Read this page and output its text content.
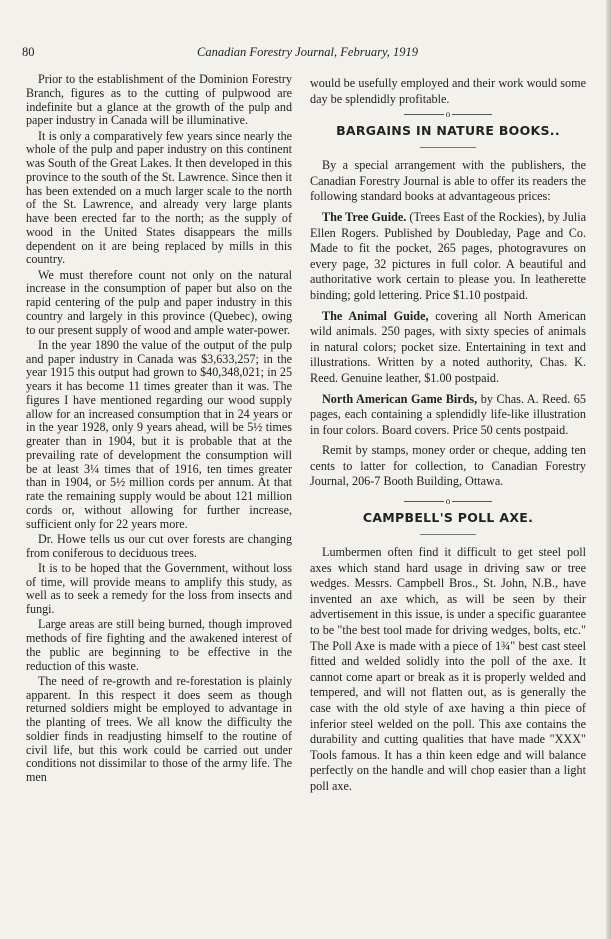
80	Canadian Forestry Journal, February, 1919

Prior to the establishment of the Dominion Forestry Branch, figures as to the cutting of pulpwood are indefinite but a glance at the growth of the pulp and paper industry in Canada will be illuminative.

It is only a comparatively few years since nearly the whole of the pulp and paper industry on this continent was South of the Great Lakes. It then developed in this province to the south of the St. Lawrence. Since then it has been extended on a much larger scale to the north of the St. Lawrence, and already very large plants have been erected far to the north; as the supply of wood in the United States disappears the mills dependent on it are being replaced by mills in this country.

We must therefore count not only on the natural increase in the consumption of paper but also on the rapid centering of the pulp and paper industry in this country and largely in this province (Quebec), owing to our present supply of wood and ample water-power.

In the year 1890 the value of the output of the pulp and paper industry in Canada was $3,633,257; in the year 1915 this output had grown to $40,348,021; in 25 years it has become 11 times greater than it was. The figures I have mentioned regarding our wood supply allow for an increased consumption that in 24 years or in the year 1928, only 9 years ahead, will be 5½ times greater than in 1904, but it is probable that at the prevailing rate of development the consumption will be at least 3¼ times that of 1916, ten times greater than in 1904, or 5½ million cords per annum. At that rate the remaining supply would be about 121 million cords or, without allowing for further increase, sufficient only for 22 years more.

Dr. Howe tells us our cut over forests are changing from coniferous to deciduous trees.

It is to be hoped that the Government, without loss of time, will provide means to amplify this study, as well as to seek a remedy for the loss from insects and fungi.

Large areas are still being burned, though improved methods of fire fighting and the awakened interest of the public are beginning to be effective in the reduction of this waste.

The need of re-growth and re-forestation is plainly apparent. In this respect it does seem as though returned soldiers might be employed to advantage in the planting of trees. We all know the difficulty the soldier finds in readjusting himself to the routine of civil life, but this work could be carried out under conditions not dissimilar to those of the army life. The men

would be usefully employed and their work would some day be splendidly profitable.

o
BARGAINS IN NATURE BOOKS..

By a special arrangement with the publishers, the Canadian Forestry Journal is able to offer its readers the following standard books at advantageous prices:

The Tree Guide. (Trees East of the Rockies), by Julia Ellen Rogers. Published by Doubleday, Page and Co. Made to fit the pocket, 265 pages, photogravures on every page, 32 pictures in full color. A beautiful and authoritative work certain to please you. In leatherette binding; gold lettering. Price $1.10 postpaid.

The Animal Guide, covering all North American wild animals. 250 pages, with sixty species of animals in natural colors; pocket size. Entertaining in text and illustrations. Written by a noted authority, Chas. K. Reed. Genuine leather, $1.00 postpaid.

North American Game Birds, by Chas. A. Reed. 65 pages, each containing a splendidly life-like illustration in four colors. Board covers. Price 50 cents postpaid.

Remit by stamps, money order or cheque, adding ten cents to latter for collection, to Canadian Forestry Journal, 206-7 Booth Building, Ottawa.

o
CAMPBELL'S POLL AXE.

Lumbermen often find it difficult to get steel poll axes which stand hard usage in driving saw or tree wedges. Messrs. Campbell Bros., St. John, N.B., have invented an axe which, as will be seen by their advertisement in this issue, is under a specific guarantee to be "the best tool made for driving wedges, bolts, etc." The Poll Axe is made with a piece of 1¾" best cast steel fitted and welded solidly into the poll of the axe. It cannot come apart or break as it is properly welded and tempered, and will not flatten out, as is generally the case with the old style of axe having a thin piece of inferior steel welded on the poll. This axe contains the durability and cutting qualities that have made "XXX" Tools famous. It has a thin keen edge and will balance perfectly on the handle and will chop easier than a light poll axe.
